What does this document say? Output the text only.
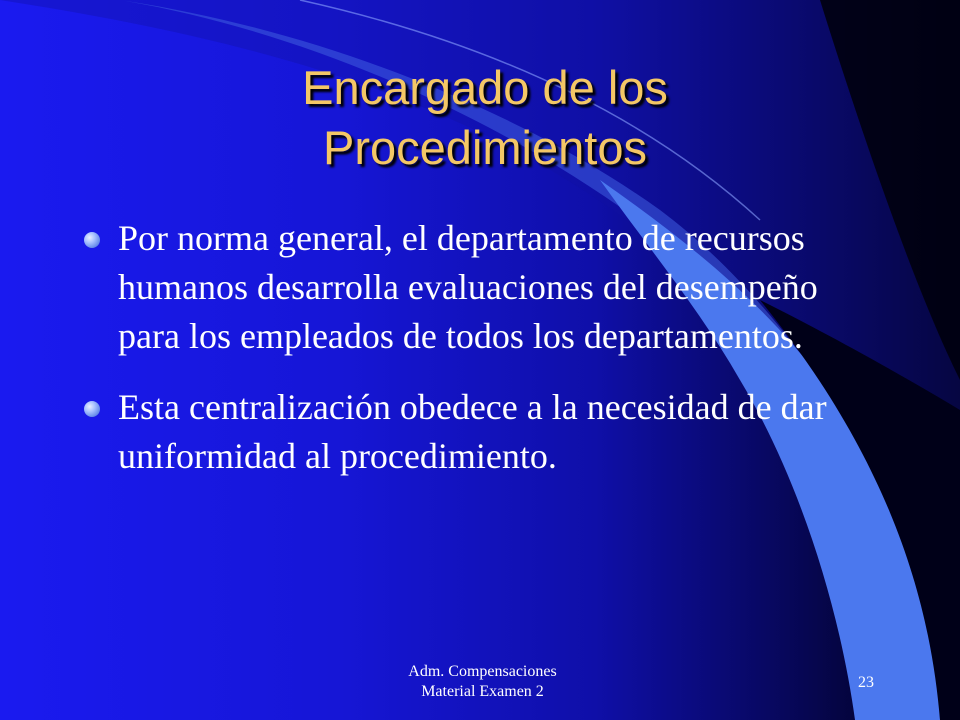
Encargado de los
Procedimientos
Por norma general, el departamento de recursos humanos desarrolla evaluaciones del desempeño para los empleados de todos los departamentos.
Esta centralización obedece a la necesidad de dar uniformidad al procedimiento.
Adm. Compensaciones
Material Examen 2
23
